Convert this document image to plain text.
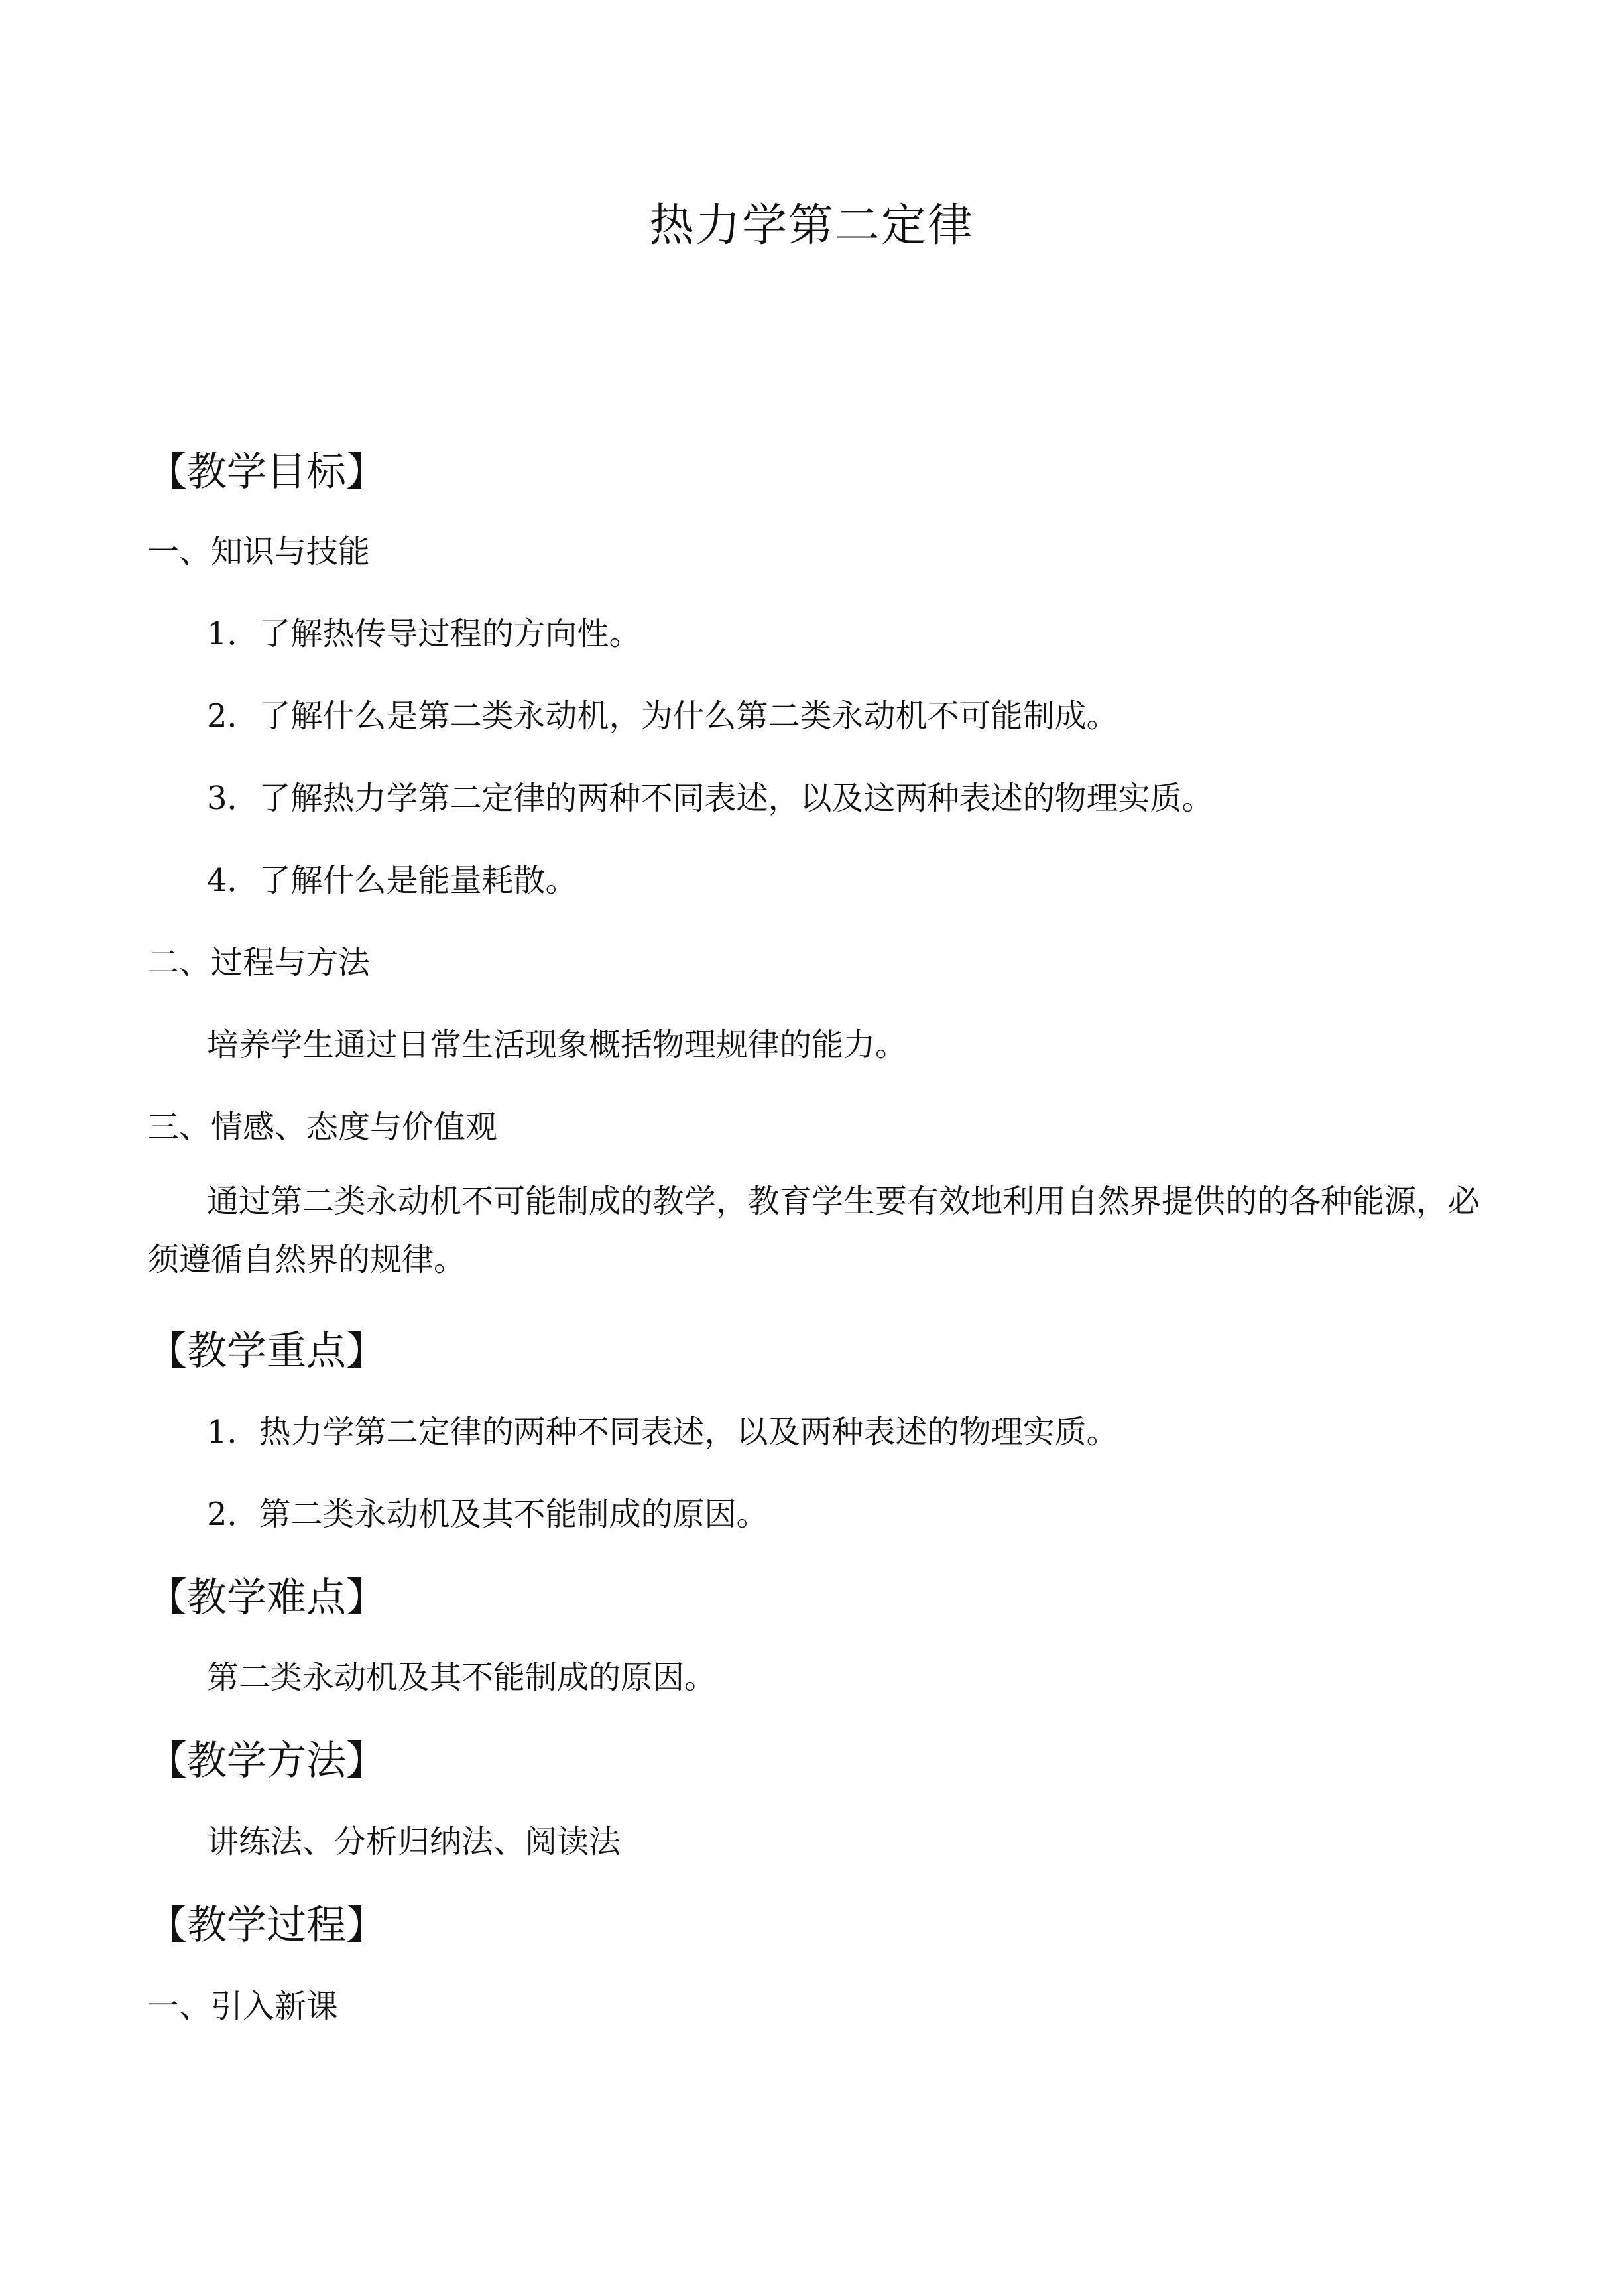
热力学第二定律
【教学目标】
一、知识与技能
1．了解热传导过程的方向性。
2．了解什么是第二类永动机，为什么第二类永动机不可能制成。
3．了解热力学第二定律的两种不同表述，以及这两种表述的物理实质。
4．了解什么是能量耗散。
二、过程与方法
培养学生通过日常生活现象概括物理规律的能力。
三、情感、态度与价值观

通过第二类永动机不可能制成的教学，教育学生要有效地利用自然界提供的的各种能源，必须遵循自然界的规律。

【教学重点】
1．热力学第二定律的两种不同表述，以及两种表述的物理实质。
2．第二类永动机及其不能制成的原因。
【教学难点】
第二类永动机及其不能制成的原因。
【教学方法】
讲练法、分析归纳法、阅读法
【教学过程】
一、引入新课
